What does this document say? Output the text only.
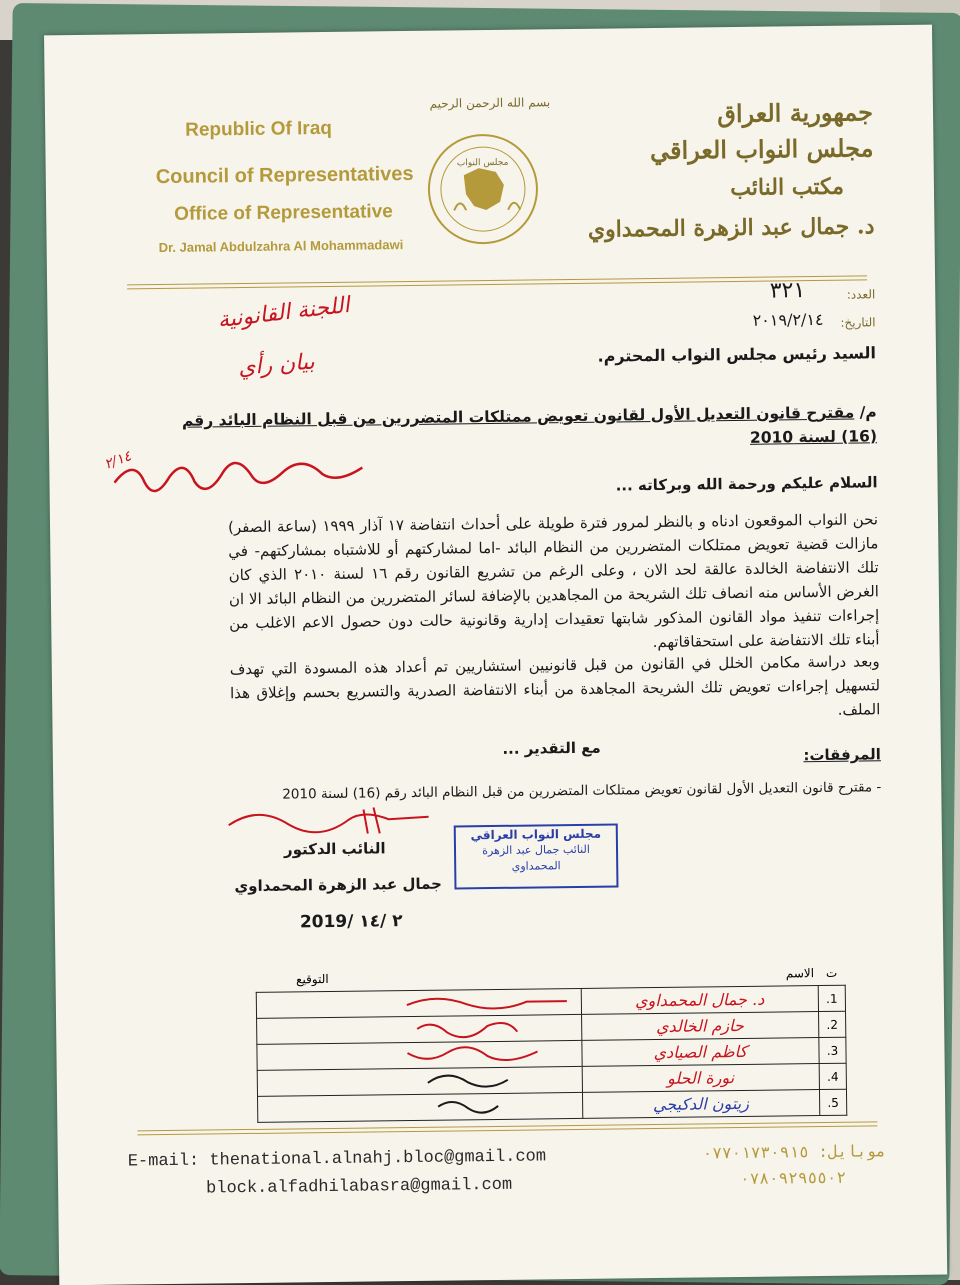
Republic Of Iraq
Council of Representatives
Office of Representative
Dr. Jamal Abdulzahra Al Mohammadawi
بسم الله الرحمن الرحيم
مجلس النواب
جمهورية العراق
مجلس النواب العراقي
مكتب النائب
د. جمال عبد الزهرة المحمداوي
العدد:
٣٢١
التاريخ:
٢٠١٩/٢/١٤
اللجنة القانونية
بيان رأي	السيد رئيس مجلس النواب المحترم.
م/ مقترح قانون التعديل الأول لقانون تعويض ممتلكات المتضررين من قبل النظام البائد رقم
(16) لسنة 2010
٢/١٤
السلام عليكم ورحمة الله وبركاته ...
نحن النواب الموقعون ادناه و بالنظر لمرور فترة طويلة على أحداث انتفاضة ١٧ آذار ١٩٩٩ (ساعة الصفر) مازالت قضية تعويض ممتلكات المتضررين من النظام البائد -اما لمشاركتهم أو للاشتباه بمشاركتهم- في تلك الانتفاضة الخالدة عالقة لحد الان ، وعلى الرغم من تشريع القانون رقم ١٦ لسنة ٢٠١٠ الذي كان الغرض الأساس منه انصاف تلك الشريحة من المجاهدين بالإضافة لسائر المتضررين من النظام البائد الا ان إجراءات تنفيذ مواد القانون المذكور شابتها تعقيدات إدارية وقانونية حالت دون حصول الاعم الاغلب من أبناء تلك الانتفاضة على استحقاقاتهم.
وبعد دراسة مكامن الخلل في القانون من قبل قانونيين استشاريين تم أعداد هذه المسودة التي تهدف لتسهيل إجراءات تعويض تلك الشريحة المجاهدة من أبناء الانتفاضة الصدرية والتسريع بحسم وإغلاق هذا الملف.
مع التقدير ...	المرفقات:
- مقترح قانون التعديل الأول لقانون تعويض ممتلكات المتضررين من قبل النظام البائد رقم (16) لسنة 2010
النائب الدكتور
جمال عبد الزهرة المحمداوي
2019/ ٢ /١٤
مجلس النواب العراقي
النائب جمال عبد الزهرة المحمداوي
ت	الاسم	التوقيع
1.	د. جمال المحمداوي	
2.	حازم الخالدي	
3.	كاظم الصيادي	
4.	نورة الحلو	
5.	زيتون الدكيجي	
E-mail: thenational.alnahj.bloc@gmail.com
block.alfadhilabasra@gmail.com
موبايل: ٠٧٧٠١٧٣٠٩١٥
٠٧٨٠٩٢٩٥٥٠٢
